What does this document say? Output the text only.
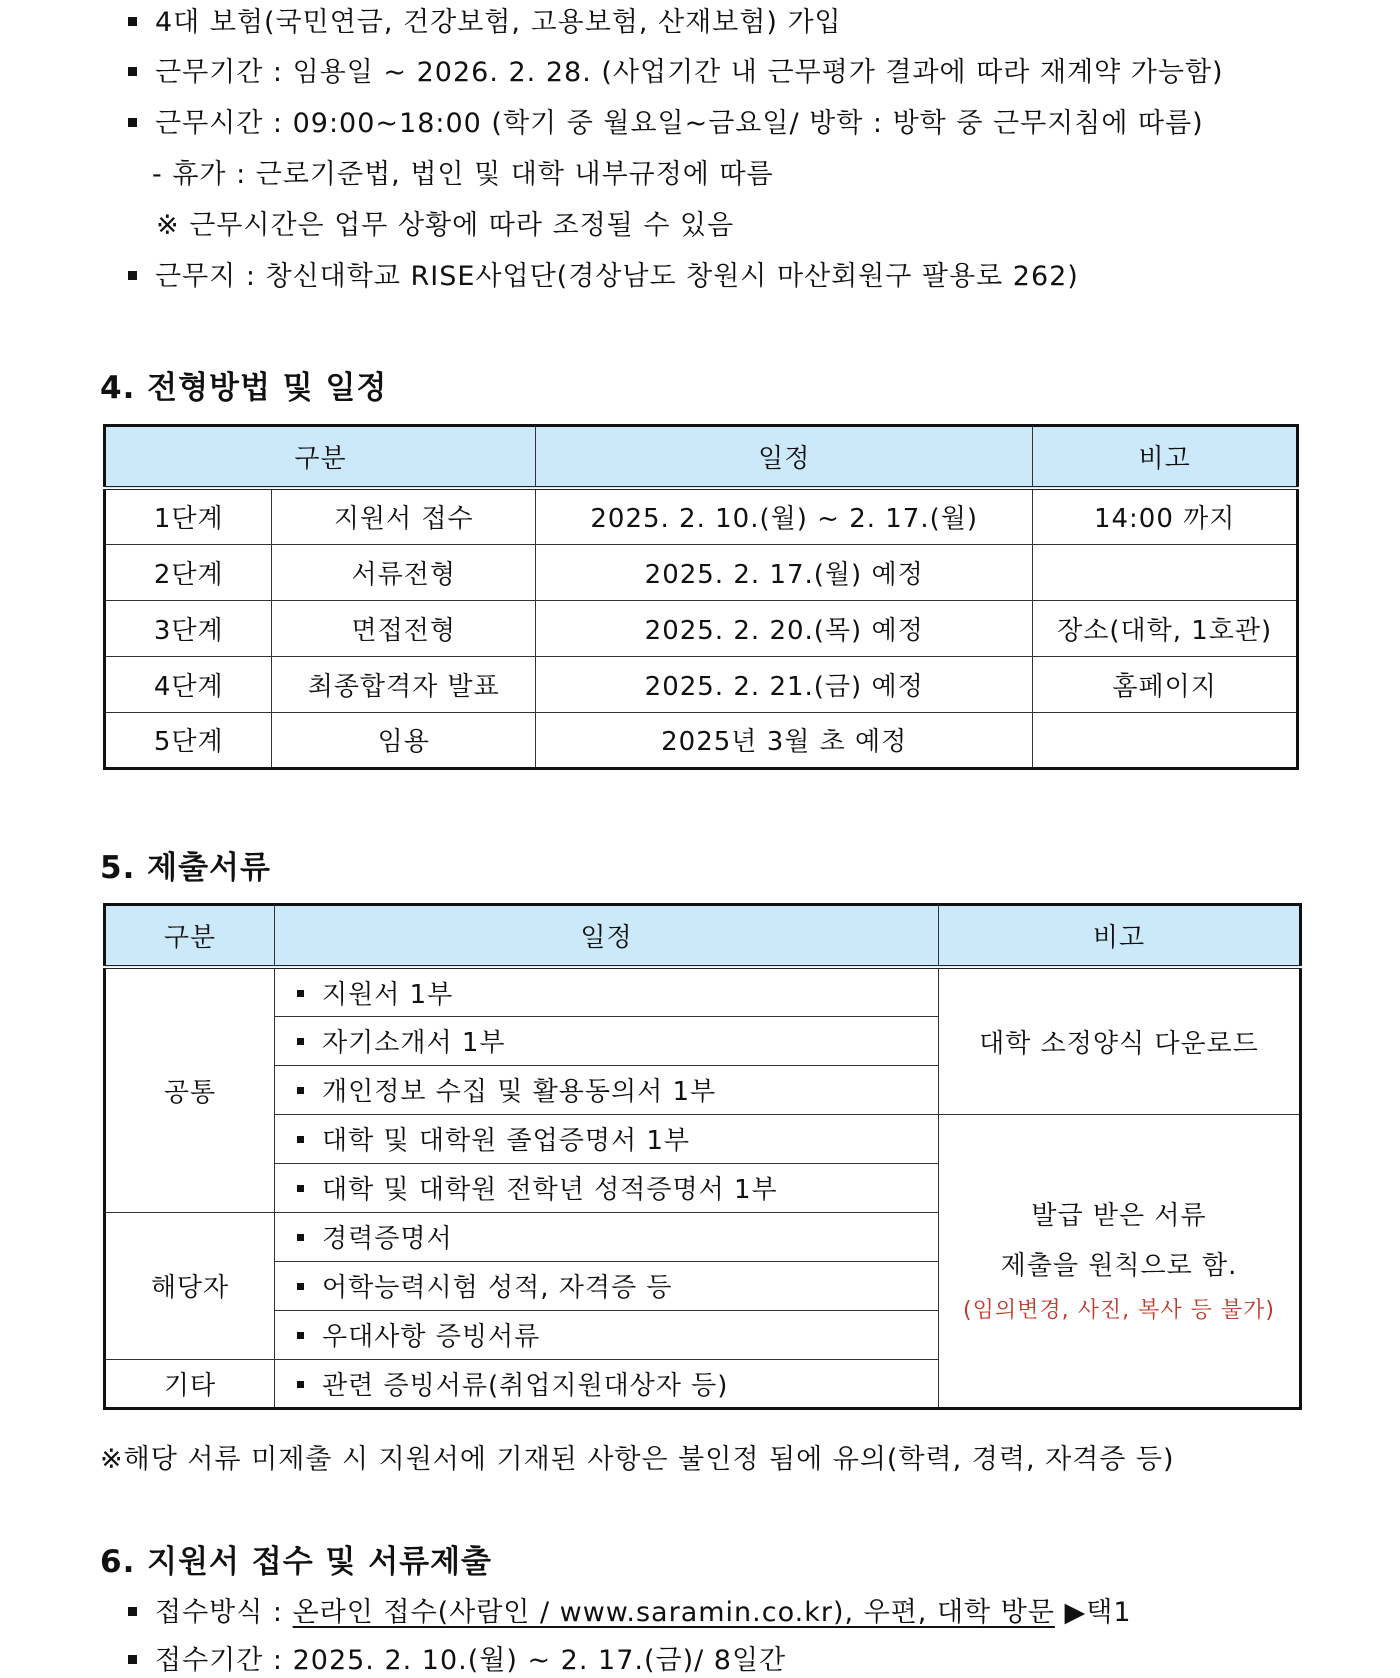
4대 보험(국민연금, 건강보험, 고용보험, 산재보험) 가입
근무기간 : 임용일 ~ 2026. 2. 28. (사업기간 내 근무평가 결과에 따라 재계약 가능함)
근무시간 : 09:00~18:00 (학기 중 월요일~금요일/ 방학 : 방학 중 근무지침에 따름)
- 휴가 : 근로기준법, 법인 및 대학 내부규정에 따름
※ 근무시간은 업무 상황에 따라 조정될 수 있음
근무지 : 창신대학교 RISE사업단(경상남도 창원시 마산회원구 팔용로 262)
4. 전형방법 및 일정
구분		일정	비고
1단계	지원서 접수	2025. 2. 10.(월) ~ 2. 17.(월)	14:00 까지
2단계	서류전형	2025. 2. 17.(월) 예정	
3단계	면접전형	2025. 2. 20.(목) 예정	장소(대학, 1호관)
4단계	최종합격자 발표	2025. 2. 21.(금) 예정	홈페이지
5단계	임용	2025년 3월 초 예정	
5. 제출서류
구분	일정	비고
공통	지원서 1부	대학 소정양식 다운로드
	자기소개서 1부	
	개인정보 수집 및 활용동의서 1부	
	대학 및 대학원 졸업증명서 1부	발급 받은 서류
제출을 원칙으로 함.
(임의변경, 사진, 복사 등 불가)

	대학 및 대학원 전학년 성적증명서 1부	
해당자	경력증명서	
	어학능력시험 성적, 자격증 등	
	우대사항 증빙서류	
기타	관련 증빙서류(취업지원대상자 등)	
※해당 서류 미제출 시 지원서에 기재된 사항은 불인정 됨에 유의(학력, 경력, 자격증 등)
6. 지원서 접수 및 서류제출
접수방식 : 온라인 접수(사람인 / www.saramin.co.kr), 우편, 대학 방문 ▶택1
접수기간 : 2025. 2. 10.(월) ~ 2. 17.(금)/ 8일간
